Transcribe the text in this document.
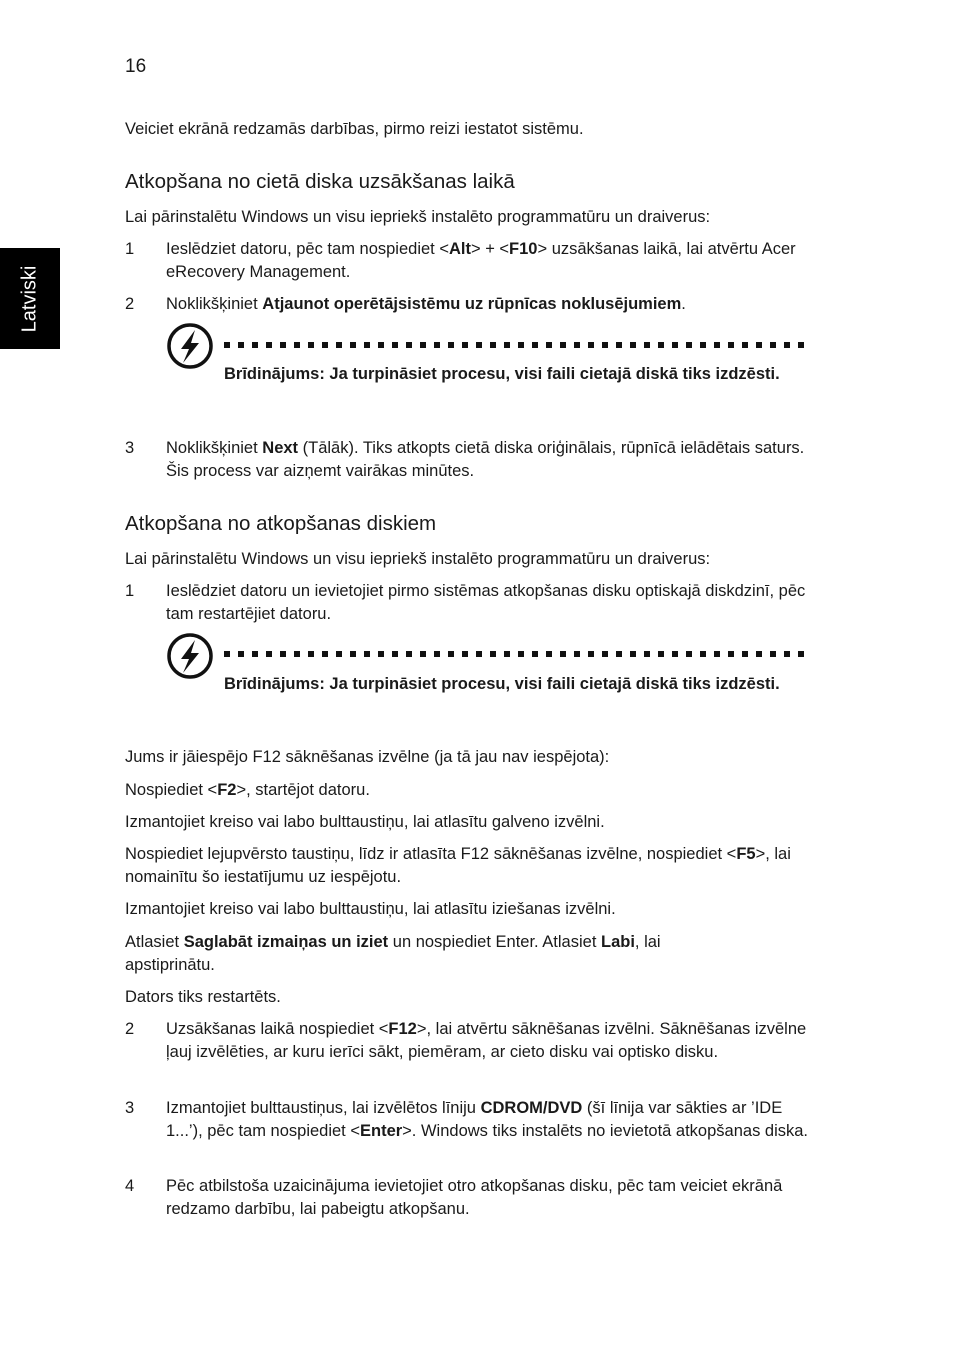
16
Latviski

Veiciet ekrānā redzamās darbības, pirmo reizi iestatot sistēmu.

Atkopšana no cietā diska uzsākšanas laikā

Lai pārinstalētu Windows un visu iepriekš instalēto programmatūru un draiverus:

1	Ieslēdziet datoru, pēc tam nospiediet <Alt> + <F10> uzsākšanas laikā, lai atvērtu Acer eRecovery Management.
2	Noklikšķiniet Atjaunot operētājsistēmu uz rūpnīcas noklusējumiem.
Brīdinājums: Ja turpināsiet procesu, visi faili cietajā diskā tiks izdzēsti.
3	Noklikšķiniet Next (Tālāk). Tiks atkopts cietā diska oriģinālais, rūpnīcā ielādētais saturs. Šis process var aizņemt vairākas minūtes.
Atkopšana no atkopšanas diskiem

Lai pārinstalētu Windows un visu iepriekš instalēto programmatūru un draiverus:

1	Ieslēdziet datoru un ievietojiet pirmo sistēmas atkopšanas disku optiskajā diskdzinī, pēc tam restartējiet datoru.
Brīdinājums: Ja turpināsiet procesu, visi faili cietajā diskā tiks izdzēsti.

Jums ir jāiespējo F12 sāknēšanas izvēlne (ja tā jau nav iespējota):

Nospiediet <F2>, startējot datoru.

Izmantojiet kreiso vai labo bulttaustiņu, lai atlasītu galveno izvēlni.

Nospiediet lejupvērsto taustiņu, līdz ir atlasīta F12 sāknēšanas izvēlne, nospiediet <F5>, lai nomainītu šo iestatījumu uz iespējotu.

Izmantojiet kreiso vai labo bulttaustiņu, lai atlasītu iziešanas izvēlni.

Atlasiet Saglabāt izmaiņas un iziet un nospiediet Enter. Atlasiet Labi, lai apstiprinātu.

Dators tiks restartēts.

2	Uzsākšanas laikā nospiediet <F12>, lai atvērtu sāknēšanas izvēlni. Sāknēšanas izvēlne ļauj izvēlēties, ar kuru ierīci sākt, piemēram, ar cieto disku vai optisko disku.
3	Izmantojiet bulttaustiņus, lai izvēlētos līniju CDROM/DVD (šī līnija var sākties ar ’IDE 1...’), pēc tam nospiediet <Enter>. Windows tiks instalēts no ievietotā atkopšanas diska.
4	Pēc atbilstoša uzaicinājuma ievietojiet otro atkopšanas disku, pēc tam veiciet ekrānā redzamo darbību, lai pabeigtu atkopšanu.
